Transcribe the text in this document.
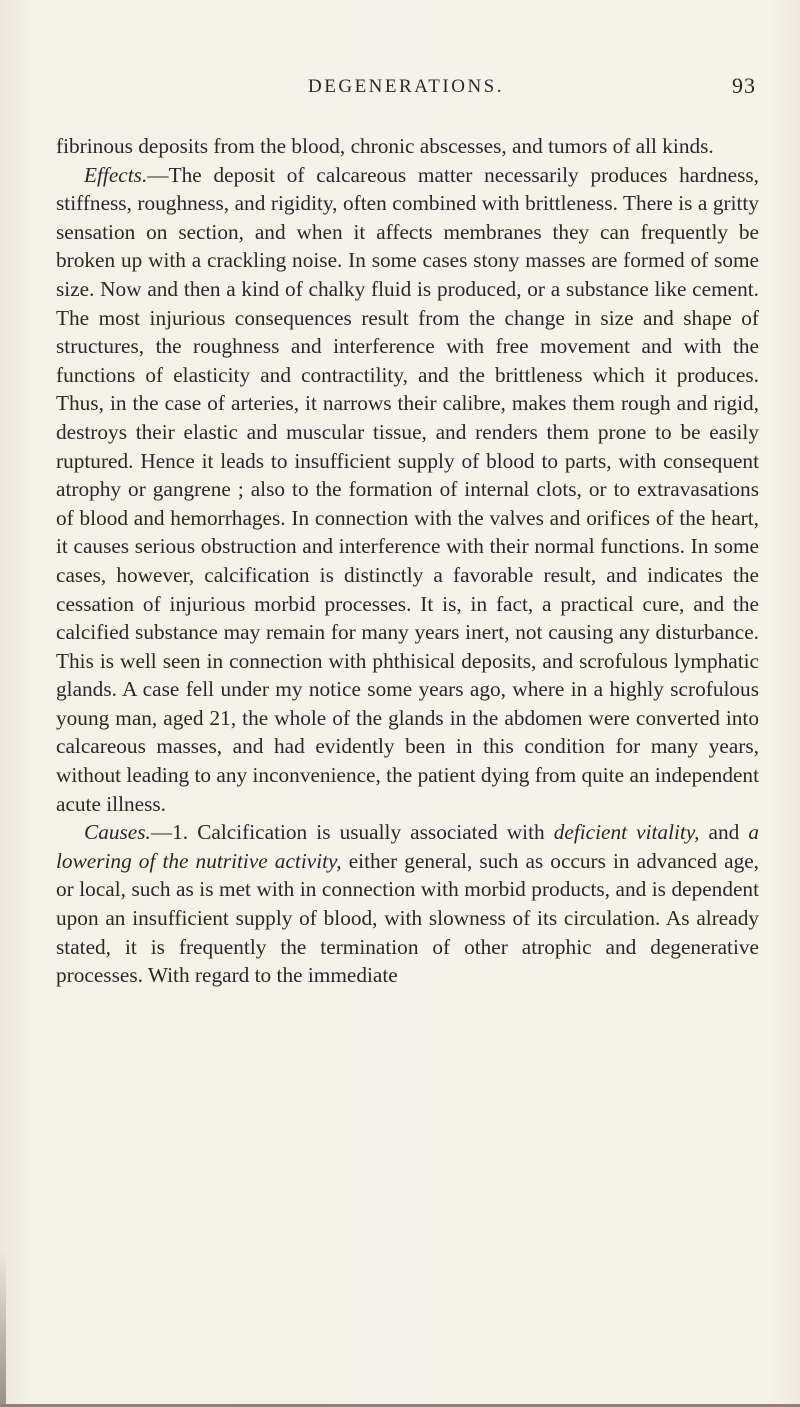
DEGENERATIONS.	93

fibrinous deposits from the blood, chronic abscesses, and tumors of all kinds.

Effects.—The deposit of calcareous matter necessarily produces hardness, stiffness, roughness, and rigidity, often combined with brittleness. There is a gritty sensation on section, and when it affects membranes they can frequently be broken up with a crackling noise. In some cases stony masses are formed of some size. Now and then a kind of chalky fluid is produced, or a substance like cement. The most injurious consequences result from the change in size and shape of structures, the roughness and interference with free movement and with the functions of elasticity and contractility, and the brittleness which it produces. Thus, in the case of arteries, it narrows their calibre, makes them rough and rigid, destroys their elastic and muscular tissue, and renders them prone to be easily ruptured. Hence it leads to insufficient supply of blood to parts, with consequent atrophy or gangrene ; also to the formation of internal clots, or to extravasations of blood and hemorrhages. In connection with the valves and orifices of the heart, it causes serious obstruction and interference with their normal functions. In some cases, however, calcification is distinctly a favorable result, and indicates the cessation of injurious morbid processes. It is, in fact, a practical cure, and the calcified substance may remain for many years inert, not causing any disturbance. This is well seen in connection with phthisical deposits, and scrofulous lymphatic glands. A case fell under my notice some years ago, where in a highly scrofulous young man, aged 21, the whole of the glands in the abdomen were converted into calcareous masses, and had evidently been in this condition for many years, without leading to any inconvenience, the patient dying from quite an independent acute illness.

Causes.—1. Calcification is usually associated with deficient vitality, and a lowering of the nutritive activity, either general, such as occurs in advanced age, or local, such as is met with in connection with morbid products, and is dependent upon an insufficient supply of blood, with slowness of its circulation. As already stated, it is frequently the termination of other atrophic and degenerative processes. With regard to the immediate
